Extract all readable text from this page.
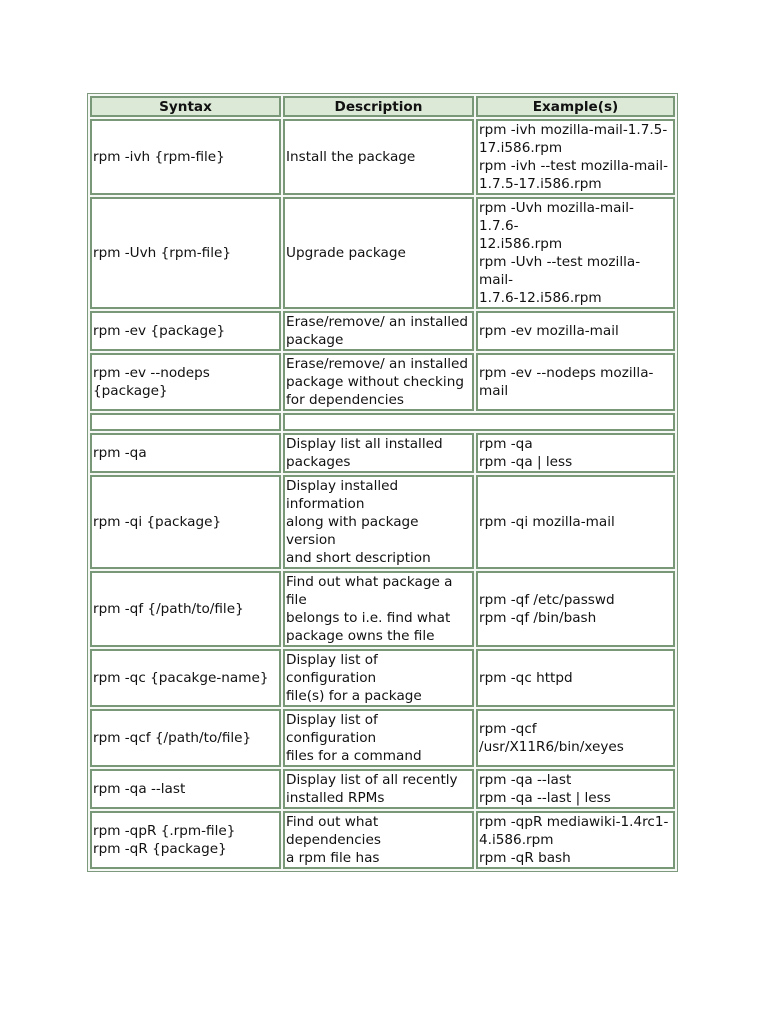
Syntax	Description	Example(s)

rpm -ivh {rpm-file}	Install the package	rpm -ivh mozilla-mail-1.7.5-
17.i586.rpm
rpm -ivh --test mozilla-mail-
1.7.5-17.i586.rpm

rpm -Uvh {rpm-file}	Upgrade package	rpm -Uvh mozilla-mail-1.7.6-
12.i586.rpm
rpm -Uvh --test mozilla-mail-
1.7.6-12.i586.rpm

rpm -ev {package}	Erase/remove/ an installed
package	rpm -ev mozilla-mail

rpm -ev --nodeps {package}	Erase/remove/ an installed
package without checking
for dependencies	rpm -ev --nodeps mozilla-
mail

rpm -qa	Display list all installed
packages	rpm -qa
rpm -qa | less

rpm -qi {package}	Display installed information
along with package version
and short description	rpm -qi mozilla-mail

rpm -qf {/path/to/file}	Find out what package a file
belongs to i.e. find what
package owns the file	rpm -qf /etc/passwd
rpm -qf /bin/bash

rpm -qc {pacakge-name}	Display list of configuration
file(s) for a package	rpm -qc httpd

rpm -qcf {/path/to/file}	Display list of configuration
files for a command	rpm -qcf
/usr/X11R6/bin/xeyes

rpm -qa --last	Display list of all recently
installed RPMs	rpm -qa --last
rpm -qa --last | less

rpm -qpR {.rpm-file}
rpm -qR {package}	Find out what dependencies
a rpm file has	rpm -qpR mediawiki-1.4rc1-
4.i586.rpm
rpm -qR bash
